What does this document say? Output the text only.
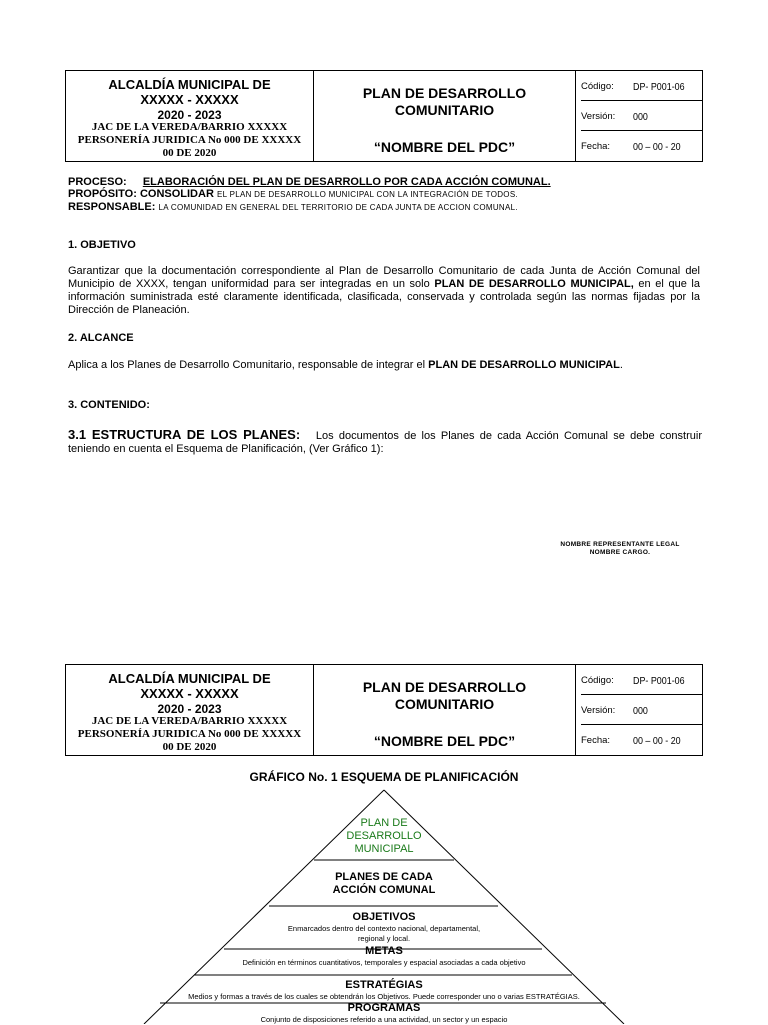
ALCALDÍA MUNICIPAL DE
XXXXX - XXXXX
2020 - 2023
JAC DE LA VEREDA/BARRIO XXXXX
PERSONERÍA JURIDICA No 000 DE XXXXX
00 DE 2020
PLAN DE DESARROLLO
COMUNITARIO
“NOMBRE DEL PDC”
Código: DP- P001-06
Versión: 000
Fecha: 00 – 00 - 20
PROCESO: ELABORACIÓN DEL PLAN DE DESARROLLO POR CADA ACCIÓN COMUNAL.
PROPÓSITO: CONSOLIDAR EL PLAN DE DESARROLLO MUNICIPAL CON LA INTEGRACIÓN DE TODOS.
RESPONSABLE: LA COMUNIDAD EN GENERAL DEL TERRITORIO DE CADA JUNTA DE ACCION COMUNAL.
1. OBJETIVO
Garantizar que la documentación correspondiente al Plan de Desarrollo Comunitario de cada Junta de Acción Comunal del Municipio de XXXX, tengan uniformidad para ser integradas en un solo PLAN DE DESARROLLO MUNICIPAL, en el que la información suministrada esté claramente identificada, clasificada, conservada y controlada según las normas fijadas por la Dirección de Planeación.
2. ALCANCE
Aplica a los Planes de Desarrollo Comunitario, responsable de integrar el PLAN DE DESARROLLO MUNICIPAL.
3. CONTENIDO:
3.1 ESTRUCTURA DE LOS PLANES: Los documentos de los Planes de cada Acción Comunal se debe construir teniendo en cuenta el Esquema de Planificación, (Ver Gráfico 1):
NOMBRE REPRESENTANTE LEGAL
NOMBRE CARGO.
ALCALDÍA MUNICIPAL DE
XXXXX - XXXXX
2020 - 2023
JAC DE LA VEREDA/BARRIO XXXXX
PERSONERÍA JURIDICA No 000 DE XXXXX
00 DE 2020
PLAN DE DESARROLLO
COMUNITARIO
“NOMBRE DEL PDC”
Código: DP- P001-06
Versión: 000
Fecha: 00 – 00 - 20
GRÁFICO No. 1 ESQUEMA DE PLANIFICACIÓN
PLAN DE DESARROLLO MUNICIPAL
PLANES DE CADA
ACCIÓN COMUNAL
OBJETIVOS
Enmarcados dentro del contexto nacional, departamental,
regional y local.
METAS
Definición en términos cuantitativos, temporales y espacial asociadas a cada objetivo
ESTRATÉGIAS
Medios y formas a través de los cuales se obtendrán los Objetivos. Puede corresponder uno o varias ESTRATÉGIAS.
PROGRAMAS
Conjunto de disposiciones referido a una actividad, un sector y un espacio
